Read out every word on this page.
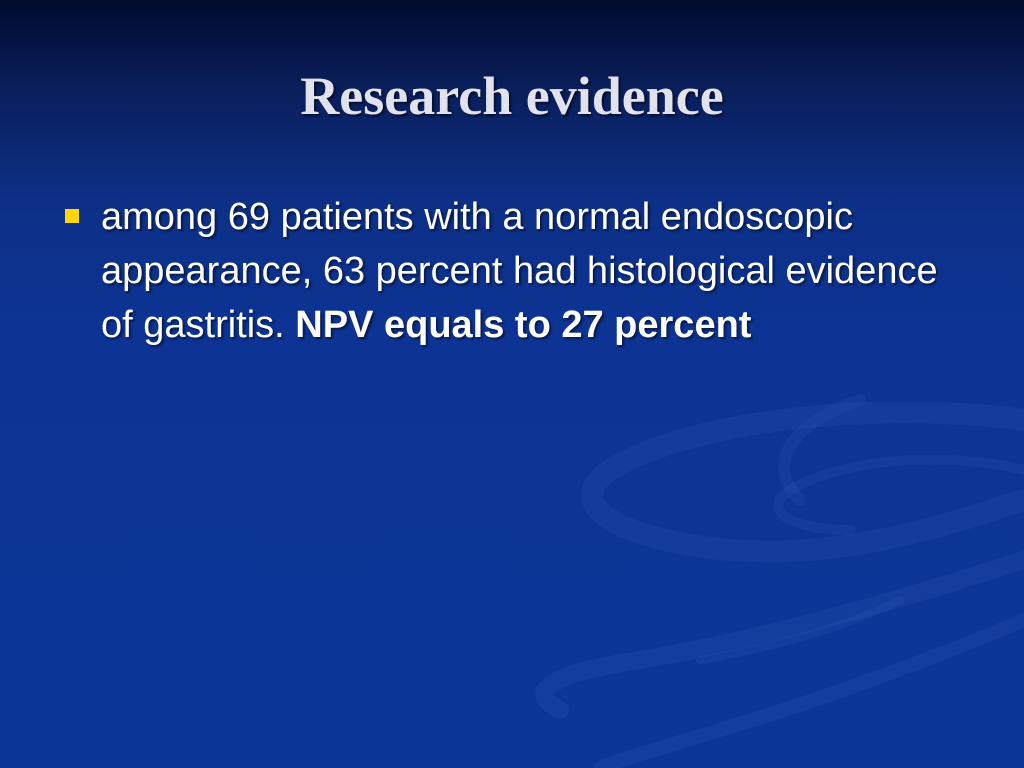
Research evidence

among 69 patients with a normal endoscopic appearance, 63 percent had histological evidence of gastritis. NPV equals to 27 percent
